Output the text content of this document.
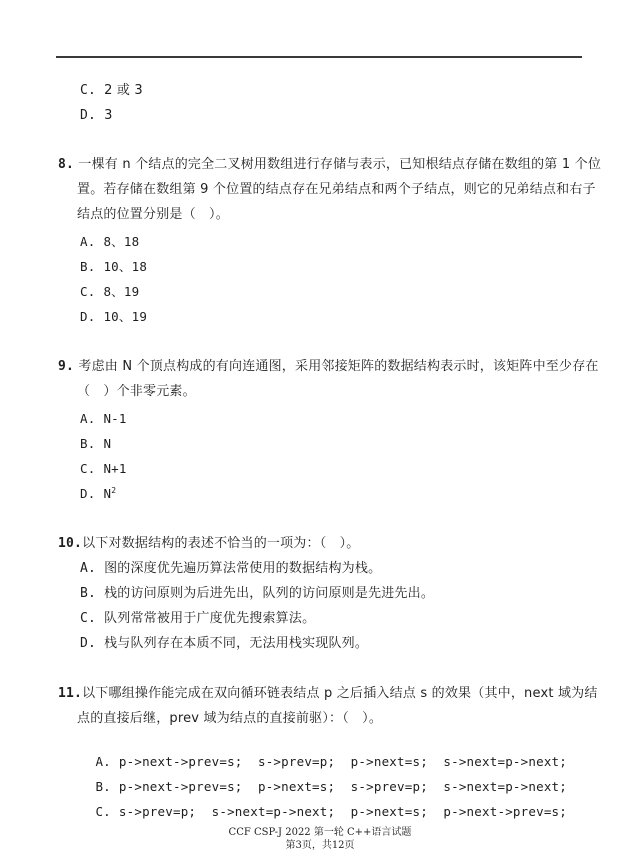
C. 2 或 3
D. 3
8. 一棵有 n 个结点的完全二叉树用数组进行存储与表示，已知根结点存储在数组的第 1 个位
置。若存储在数组第 9 个位置的结点存在兄弟结点和两个子结点，则它的兄弟结点和右子
结点的位置分别是（　）。
A. 8、18
B. 10、18
C. 8、19
D. 10、19
9. 考虑由 N 个顶点构成的有向连通图，采用邻接矩阵的数据结构表示时，该矩阵中至少存在
（　）个非零元素。
A. N-1
B. N
C. N+1
D. $N^2$
10.以下对数据结构的表述不恰当的一项为：（　）。
A. 图的深度优先遍历算法常使用的数据结构为栈。
B. 栈的访问原则为后进先出，队列的访问原则是先进先出。
C. 队列常常被用于广度优先搜索算法。
D. 栈与队列存在本质不同，无法用栈实现队列。
11.以下哪组操作能完成在双向循环链表结点 p 之后插入结点 s 的效果（其中，next 域为结
点的直接后继，prev 域为结点的直接前驱）：（　）。

A. p->next->prev=s;  s->prev=p;  p->next=s;  s->next=p->next;

B. p->next->prev=s;  p->next=s;  s->prev=p;  s->next=p->next;

C. s->prev=p;  s->next=p->next;  p->next=s;  p->next->prev=s;

CCF CSP-J 2022 第一轮 C++语言试题
第3页，共12页
